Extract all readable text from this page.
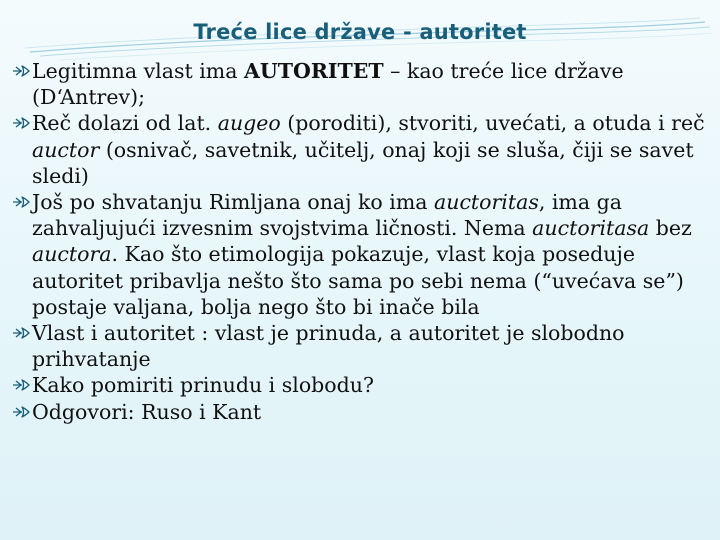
Treće lice države - autoritet
Legitimna vlast ima AUTORITET – kao treće lice države (D‘Antrev);
Reč dolazi od lat. augeo (poroditi), stvoriti, uvećati, a otuda i reč auctor (osnivač, savetnik, učitelj, onaj koji se sluša, čiji se savet sledi)
Još po shvatanju Rimljana onaj ko ima auctoritas, ima ga zahvaljujući izvesnim svojstvima ličnosti. Nema auctoritasa bez auctora. Kao što etimologija pokazuje, vlast koja poseduje autoritet pribavlja nešto što sama po sebi nema (“uvećava se”) postaje valjana, bolja nego što bi inače bila
Vlast i autoritet : vlast je prinuda, a autoritet je slobodno prihvatanje
Kako pomiriti prinudu i slobodu?
Odgovori: Ruso i Kant
